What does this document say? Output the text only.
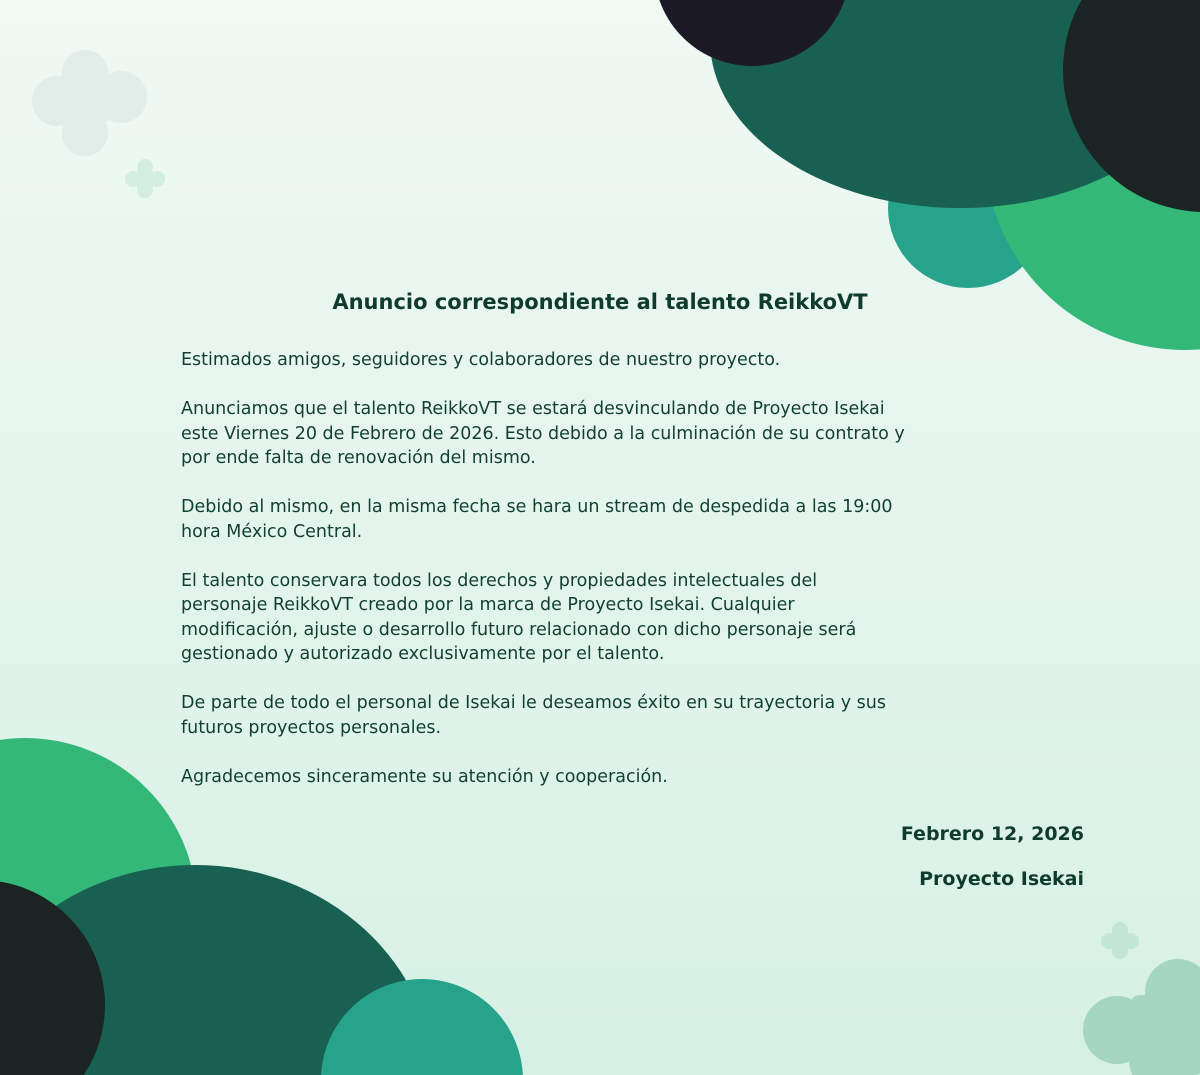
Anuncio correspondiente al talento ReikkoVT

Estimados amigos, seguidores y colaboradores de nuestro proyecto.

Anunciamos que el talento ReikkoVT se estará desvinculando de Proyecto Isekai
este Viernes 20 de Febrero de 2026. Esto debido a la culminación de su contrato y
por ende falta de renovación del mismo.

Debido al mismo, en la misma fecha se hara un stream de despedida a las 19:00
hora México Central.

El talento conservara todos los derechos y propiedades intelectuales del
personaje ReikkoVT creado por la marca de Proyecto Isekai. Cualquier
modificación, ajuste o desarrollo futuro relacionado con dicho personaje será
gestionado y autorizado exclusivamente por el talento.

De parte de todo el personal de Isekai le deseamos éxito en su trayectoria y sus
futuros proyectos personales.

Agradecemos sinceramente su atención y cooperación.

Febrero 12, 2026
Proyecto Isekai
